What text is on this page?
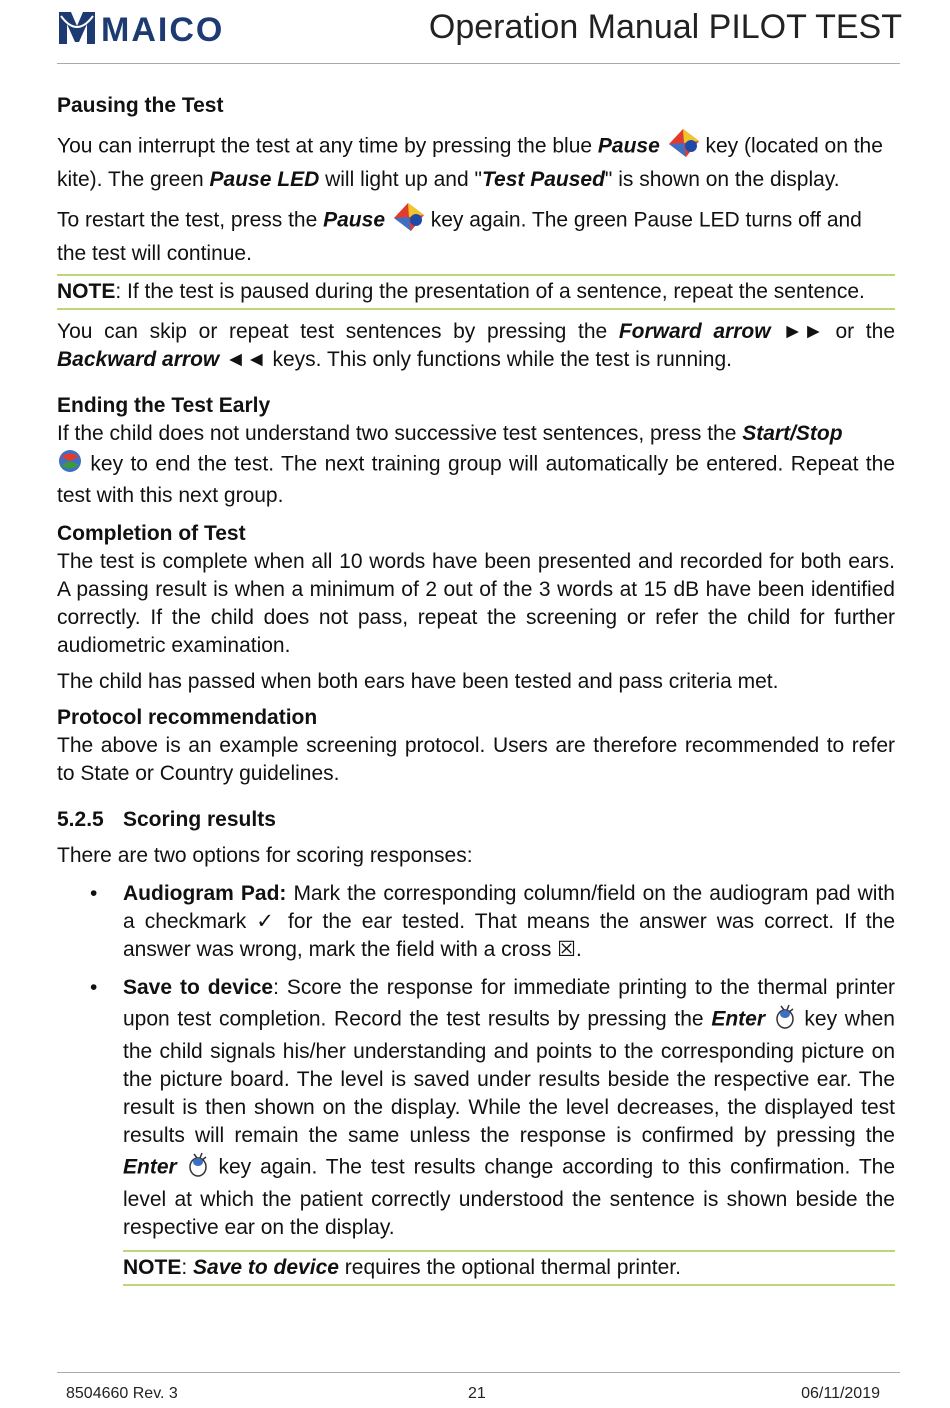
MAICO	Operation Manual PILOT TEST
Pausing the Test

You can interrupt the test at any time by pressing the blue Pause  key (located on the kite). The green Pause LED will light up and "Test Paused" is shown on the display.

To restart the test, press the Pause  key again. The green Pause LED turns off and the test will continue.

NOTE: If the test is paused during the presentation of a sentence, repeat the sentence.

You can skip or repeat test sentences by pressing the Forward arrow ►► or the Backward arrow ◄◄ keys. This only functions while the test is running.

Ending the Test Early

If the child does not understand two successive test sentences, press the Start/Stop
key to end the test. The next training group will automatically be entered. Repeat the test with this next group.

Completion of Test

The test is complete when all 10 words have been presented and recorded for both ears. A passing result is when a minimum of 2 out of the 3 words at 15 dB have been identified correctly. If the child does not pass, repeat the screening or refer the child for further audiometric examination.

The child has passed when both ears have been tested and pass criteria met.

Protocol recommendation

The above is an example screening protocol. Users are therefore recommended to refer to State or Country guidelines.

5.2.5 Scoring results

There are two options for scoring responses:

• Audiogram Pad: Mark the corresponding column/field on the audiogram pad with a checkmark ✓ for the ear tested. That means the answer was correct. If the answer was wrong, mark the field with a cross ☒.
• Save to device: Score the response for immediate printing to the thermal printer upon test completion. Record the test results by pressing the Enter  key when the child signals his/her understanding and points to the corresponding picture on the picture board. The level is saved under results beside the respective ear. The result is then shown on the display. While the level decreases, the displayed test results will remain the same unless the response is confirmed by pressing the Enter  key again. The test results change according to this confirmation. The level at which the patient correctly understood the sentence is shown beside the respective ear on the display.

NOTE: Save to device requires the optional thermal printer.

8504660 Rev. 3	21	06/11/2019
